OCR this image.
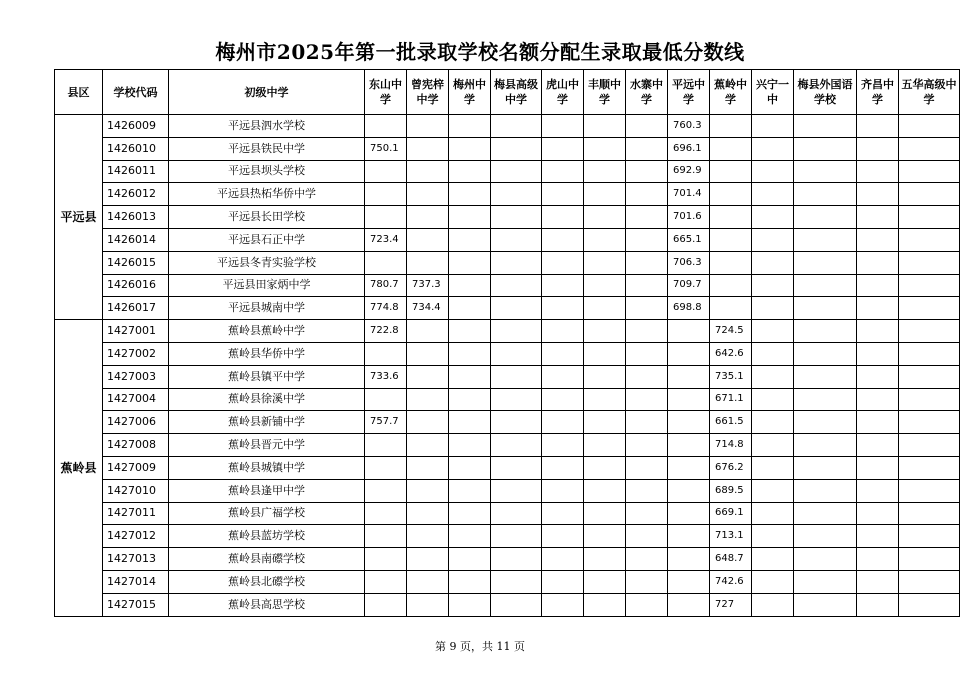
梅州市2025年第一批录取学校名额分配生录取最低分数线
县区	学校代码	初级中学	东山中学	曾宪梓中学	梅州中学	梅县高级中学	虎山中学	丰顺中学	水寨中学	平远中学	蕉岭中学	兴宁一中	梅县外国语学校	齐昌中学	五华高级中学
平远县	1426009	平远县泗水学校								760.3					
	1426010	平远县铁民中学	750.1							696.1					
	1426011	平远县坝头学校								692.9					
	1426012	平远县热柘华侨中学								701.4					
	1426013	平远县长田学校								701.6					
	1426014	平远县石正中学	723.4							665.1					
	1426015	平远县冬青实验学校								706.3					
	1426016	平远县田家炳中学	780.7	737.3						709.7					
	1426017	平远县城南中学	774.8	734.4						698.8					
蕉岭县	1427001	蕉岭县蕉岭中学	722.8								724.5				
	1427002	蕉岭县华侨中学									642.6				
	1427003	蕉岭县镇平中学	733.6								735.1				
	1427004	蕉岭县徐溪中学									671.1				
	1427006	蕉岭县新铺中学	757.7								661.5				
	1427008	蕉岭县晋元中学									714.8				
	1427009	蕉岭县城镇中学									676.2				
	1427010	蕉岭县逢甲中学									689.5				
	1427011	蕉岭县广福学校									669.1				
	1427012	蕉岭县蓝坊学校									713.1				
	1427013	蕉岭县南礤学校									648.7				
	1427014	蕉岭县北礤学校									742.6				
	1427015	蕉岭县高思学校									727				
第 9 页，共 11 页
